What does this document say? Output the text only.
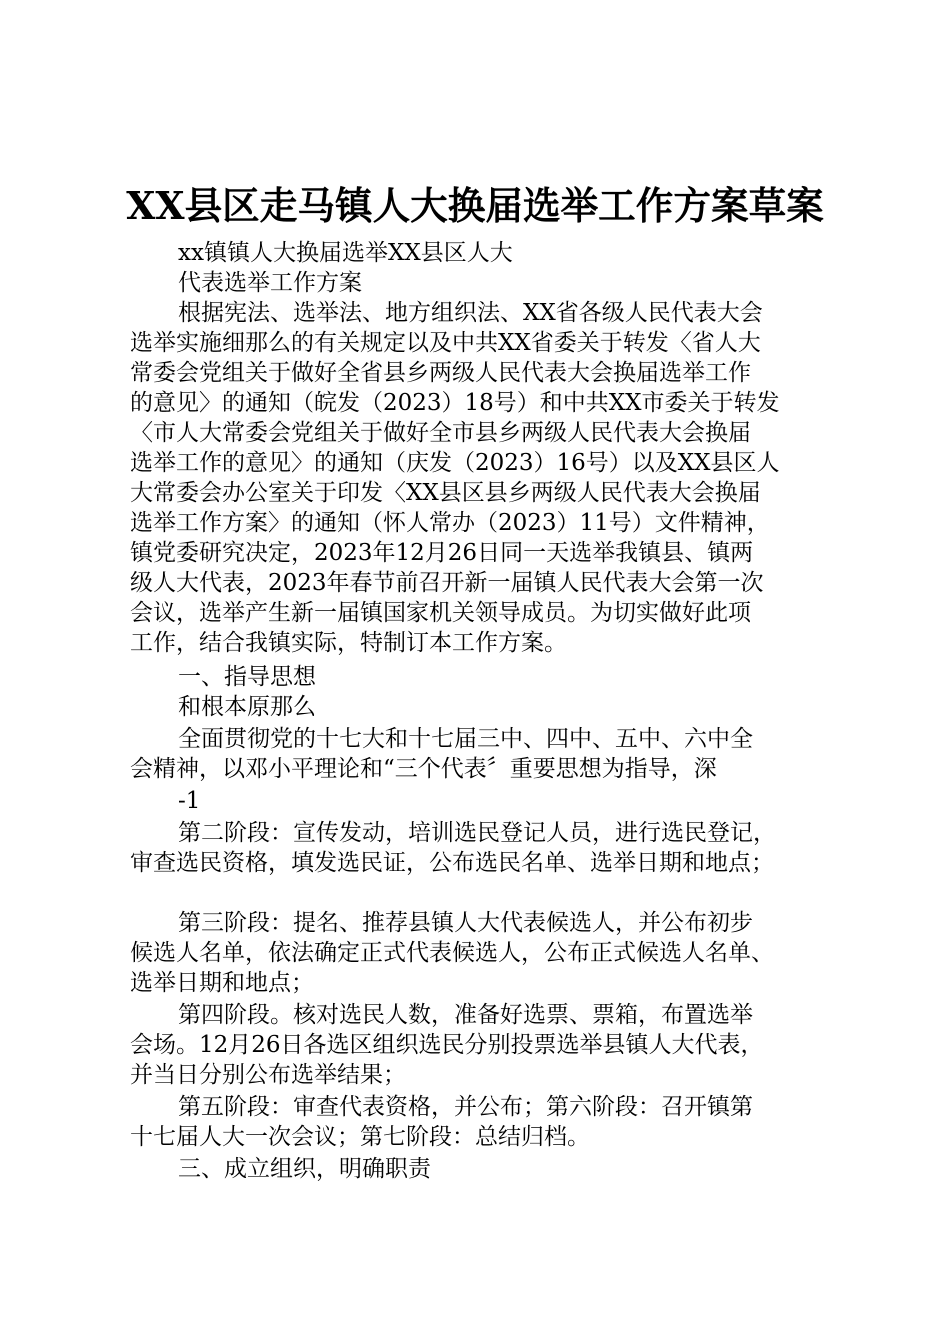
XX县区走马镇人大换届选举工作方案草案
xx镇镇人大换届选举XX县区人大
代表选举工作方案
根据宪法、选举法、地方组织法、XX省各级人民代表大会
选举实施细那么的有关规定以及中共XX省委关于转发〈省人大
常委会党组关于做好全省县乡两级人民代表大会换届选举工作
的意见〉的通知（皖发（2023）18号）和中共XX市委关于转发
〈市人大常委会党组关于做好全市县乡两级人民代表大会换届
选举工作的意见〉的通知（庆发（2023）16号）以及XX县区人
大常委会办公室关于印发〈XX县区县乡两级人民代表大会换届
选举工作方案〉的通知（怀人常办（2023）11号）文件精神，
镇党委研究决定，2023年12月26日同一天选举我镇县、镇两
级人大代表，2023年春节前召开新一届镇人民代表大会第一次
会议，选举产生新一届镇国家机关领导成员。为切实做好此项
工作，结合我镇实际，特制订本工作方案。
一、指导思想
和根本原那么
全面贯彻党的十七大和十七届三中、四中、五中、六中全
会精神，以邓小平理论和“三个代表〞重要思想为指导，深
-1
第二阶段：宣传发动，培训选民登记人员，进行选民登记，
审查选民资格，填发选民证，公布选民名单、选举日期和地点；
第三阶段：提名、推荐县镇人大代表候选人，并公布初步
候选人名单，依法确定正式代表候选人，公布正式候选人名单、
选举日期和地点；
第四阶段。核对选民人数，准备好选票、票箱，布置选举
会场。12月26日各选区组织选民分别投票选举县镇人大代表，
并当日分别公布选举结果；
第五阶段：审查代表资格，并公布；第六阶段：召开镇第
十七届人大一次会议；第七阶段：总结归档。
三、成立组织，明确职责
